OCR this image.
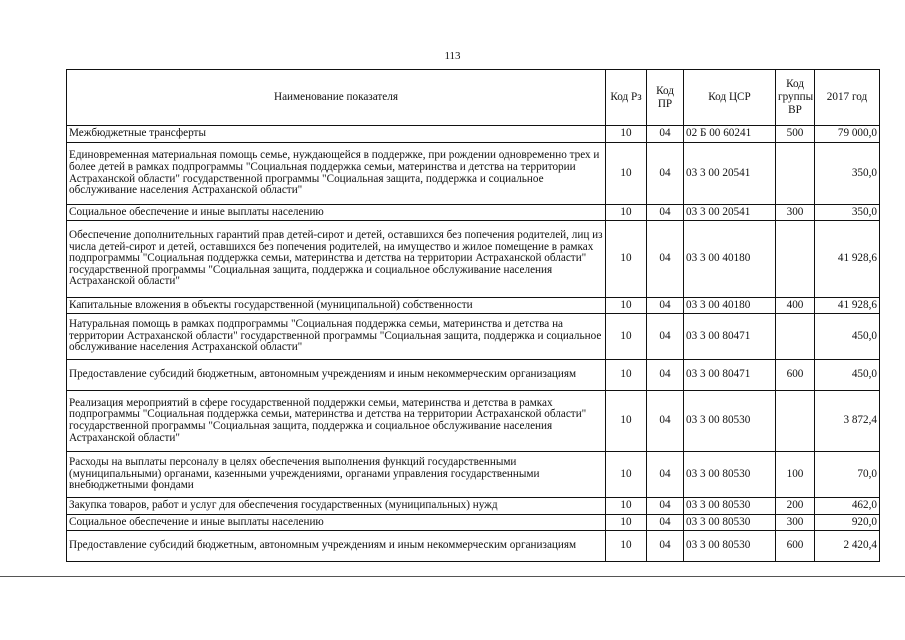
113
Наименование показателя	Код Рз	Код ПР	Код ЦСР	Код группы ВР	2017 год
Межбюджетные трансферты	10	04	02 Б 00 60241	500	79 000,0
Единовременная материальная помощь семье, нуждающейся в поддержке, при рождении одновременно трех и более детей в рамках подпрограммы "Социальная поддержка семьи, материнства и детства на территории Астраханской области" государственной программы "Социальная защита, поддержка и социальное обслуживание населения Астраханской области"	10	04	03 3 00 20541		350,0
Социальное обеспечение и иные выплаты населению	10	04	03 3 00 20541	300	350,0
Обеспечение дополнительных гарантий прав детей-сирот и детей, оставшихся без попечения родителей, лиц из числа детей-сирот и детей, оставшихся без попечения родителей, на имущество и жилое помещение в рамках подпрограммы "Социальная поддержка семьи, материнства и детства на территории Астраханской области" государственной программы "Социальная защита, поддержка и социальное обслуживание населения Астраханской области"	10	04	03 3 00 40180		41 928,6
Капитальные вложения в объекты государственной (муниципальной) собственности	10	04	03 3 00 40180	400	41 928,6
Натуральная помощь в рамках подпрограммы "Социальная поддержка семьи, материнства и детства на территории Астраханской области" государственной программы "Социальная защита, поддержка и социальное обслуживание населения Астраханской области"	10	04	03 3 00 80471		450,0
Предоставление субсидий бюджетным, автономным учреждениям и иным некоммерческим организациям	10	04	03 3 00 80471	600	450,0
Реализация мероприятий в сфере государственной поддержки семьи, материнства и детства в рамках подпрограммы "Социальная поддержка семьи, материнства и детства на территории Астраханской области" государственной программы "Социальная защита, поддержка и социальное обслуживание населения Астраханской области"	10	04	03 3 00 80530		3 872,4
Расходы на выплаты персоналу в целях обеспечения выполнения функций государственными (муниципальными) органами, казенными учреждениями, органами управления государственными внебюджетными фондами	10	04	03 3 00 80530	100	70,0
Закупка товаров, работ и услуг для обеспечения государственных (муниципальных) нужд	10	04	03 3 00 80530	200	462,0
Социальное обеспечение и иные выплаты населению	10	04	03 3 00 80530	300	920,0
Предоставление субсидий бюджетным, автономным учреждениям и иным некоммерческим организациям	10	04	03 3 00 80530	600	2 420,4
